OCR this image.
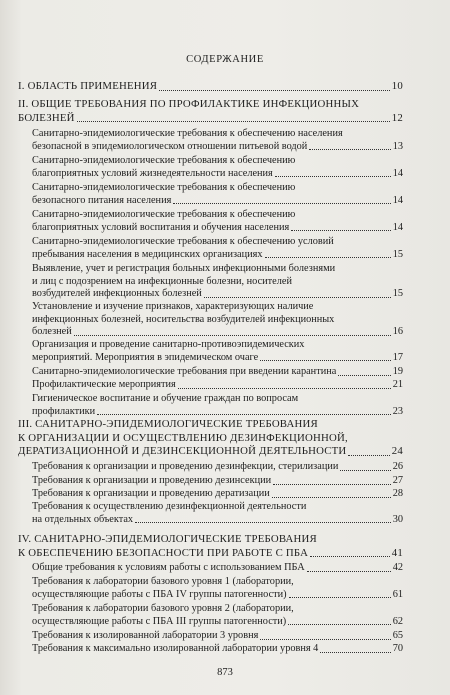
СОДЕРЖАНИЕ
I. ОБЛАСТЬ ПРИМЕНЕНИЯ	10
II. ОБЩИЕ ТРЕБОВАНИЯ ПО ПРОФИЛАКТИКЕ ИНФЕКЦИОННЫХ
БОЛЕЗНЕЙ	12
Санитарно-эпидемиологические требования к обеспечению населения
безопасной в эпидемиологическом отношении питьевой водой	13
Санитарно-эпидемиологические требования к обеспечению
благоприятных условий жизнедеятельности населения	14
Санитарно-эпидемиологические требования к обеспечению
безопасного питания населения	14
Санитарно-эпидемиологические требования к обеспечению
благоприятных условий воспитания и обучения населения	14
Санитарно-эпидемиологические требования к обеспечению условий
пребывания населения в медицинских организациях	15
Выявление, учет и регистрация больных инфекционными болезнями
и лиц с подозрением на инфекционные болезни, носителей
возбудителей инфекционных болезней	15
Установление и изучение признаков, характеризующих наличие
инфекционных болезней, носительства возбудителей инфекционных
болезней	16
Организация и проведение санитарно-противоэпидемических
мероприятий. Мероприятия в эпидемическом очаге	17
Санитарно-эпидемиологические требования при введении карантина	19
Профилактические мероприятия	21
Гигиеническое воспитание и обучение граждан по вопросам
профилактики	23
III. САНИТАРНО-ЭПИДЕМИОЛОГИЧЕСКИЕ ТРЕБОВАНИЯ
К ОРГАНИЗАЦИИ И ОСУЩЕСТВЛЕНИЮ ДЕЗИНФЕКЦИОННОЙ,
ДЕРАТИЗАЦИОННОЙ И ДЕЗИНСЕКЦИОННОЙ ДЕЯТЕЛЬНОСТИ	24
Требования к организации и проведению дезинфекции, стерилизации	26
Требования к организации и проведению дезинсекции	27
Требования к организации и проведению дератизации	28
Требования к осуществлению дезинфекционной деятельности
на отдельных объектах	30
IV. САНИТАРНО-ЭПИДЕМИОЛОГИЧЕСКИЕ ТРЕБОВАНИЯ
К ОБЕСПЕЧЕНИЮ БЕЗОПАСНОСТИ ПРИ РАБОТЕ С ПБА	41
Общие требования к условиям работы с использованием ПБА	42
Требования к лаборатории базового уровня 1 (лаборатории,
осуществляющие работы с ПБА IV группы патогенности)	61
Требования к лаборатории базового уровня 2 (лаборатории,
осуществляющие работы с ПБА III группы патогенности)	62
Требования к изолированной лаборатории 3 уровня	65
Требования к максимально изолированной лаборатории уровня 4	70
873
